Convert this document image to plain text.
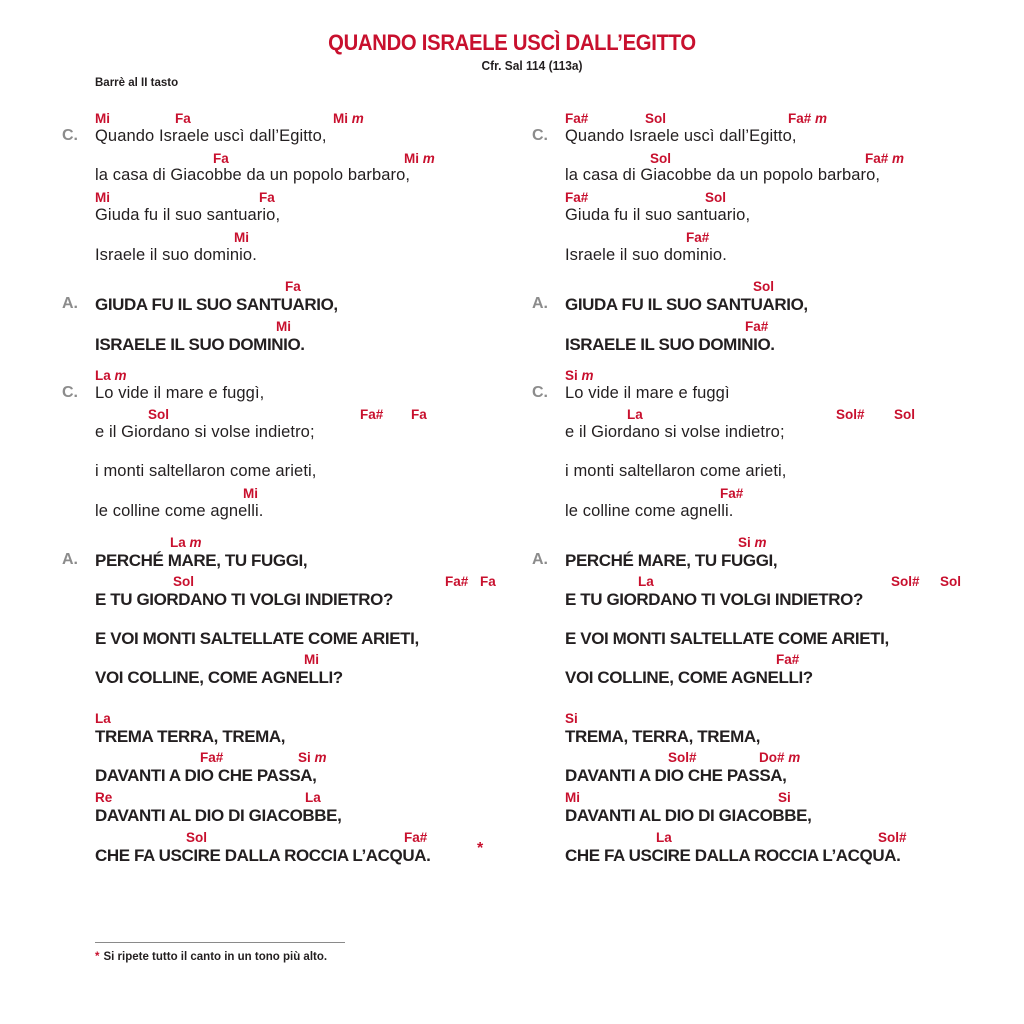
QUANDO ISRAELE USCÌ DALL’EGITTO
Cfr. Sal 114 (113a)
Barrè al II tasto
C.
A.
C.
A.
Quando Israele uscì dall’Egitto,
la casa di Giacobbe da un popolo barbaro,
Giuda fu il suo santuario,
Israele il suo dominio.
GIUDA FU IL SUO SANTUARIO,
ISRAELE IL SUO DOMINIO.
Lo vide il mare e fuggì,
e il Giordano si volse indietro;
i monti saltellaron come arieti,
le colline come agnelli.
PERCHÉ MARE, TU FUGGI,
E TU GIORDANO TI VOLGI INDIETRO?
E VOI MONTI SALTELLATE COME ARIETI,
VOI COLLINE, COME AGNELLI?
TREMA TERRA, TREMA,
DAVANTI A DIO CHE PASSA,
DAVANTI AL DIO DI GIACOBBE,
CHE FA USCIRE DALLA ROCCIA L’ACQUA.	*
Mi	Fa	Mi m
Fa	Mi m
Mi	Fa
Mi
Fa
Mi
La m
Sol	Fa# Fa
Mi
La m
Sol	Fa# Fa
Mi
La
Fa#	Si m
Re	La
Sol	Fa#
C.
A.
C.
A.
Quando Israele uscì dall’Egitto,
la casa di Giacobbe da un popolo barbaro,
Giuda fu il suo santuario,
Israele il suo dominio.
GIUDA FU IL SUO SANTUARIO,
ISRAELE IL SUO DOMINIO.
Lo vide il mare e fuggì
e il Giordano si volse indietro;
i monti saltellaron come arieti,
le colline come agnelli.
PERCHÉ MARE, TU FUGGI,
E TU GIORDANO TI VOLGI INDIETRO?
E VOI MONTI SALTELLATE COME ARIETI,
VOI COLLINE, COME AGNELLI?
TREMA, TERRA, TREMA,
DAVANTI A DIO CHE PASSA,
DAVANTI AL DIO DI GIACOBBE,
CHE FA USCIRE DALLA ROCCIA L’ACQUA.
Fa#	Sol	Fa# m
Sol	Fa# m
Fa#	Sol
Fa#
Sol
Fa#
Si m
La	Sol# Sol
Fa#
Si m
La	Sol# Sol
Fa#
Si
Sol#	Do# m
Mi	Si
La	Sol#
* Si ripete tutto il canto in un tono più alto.
